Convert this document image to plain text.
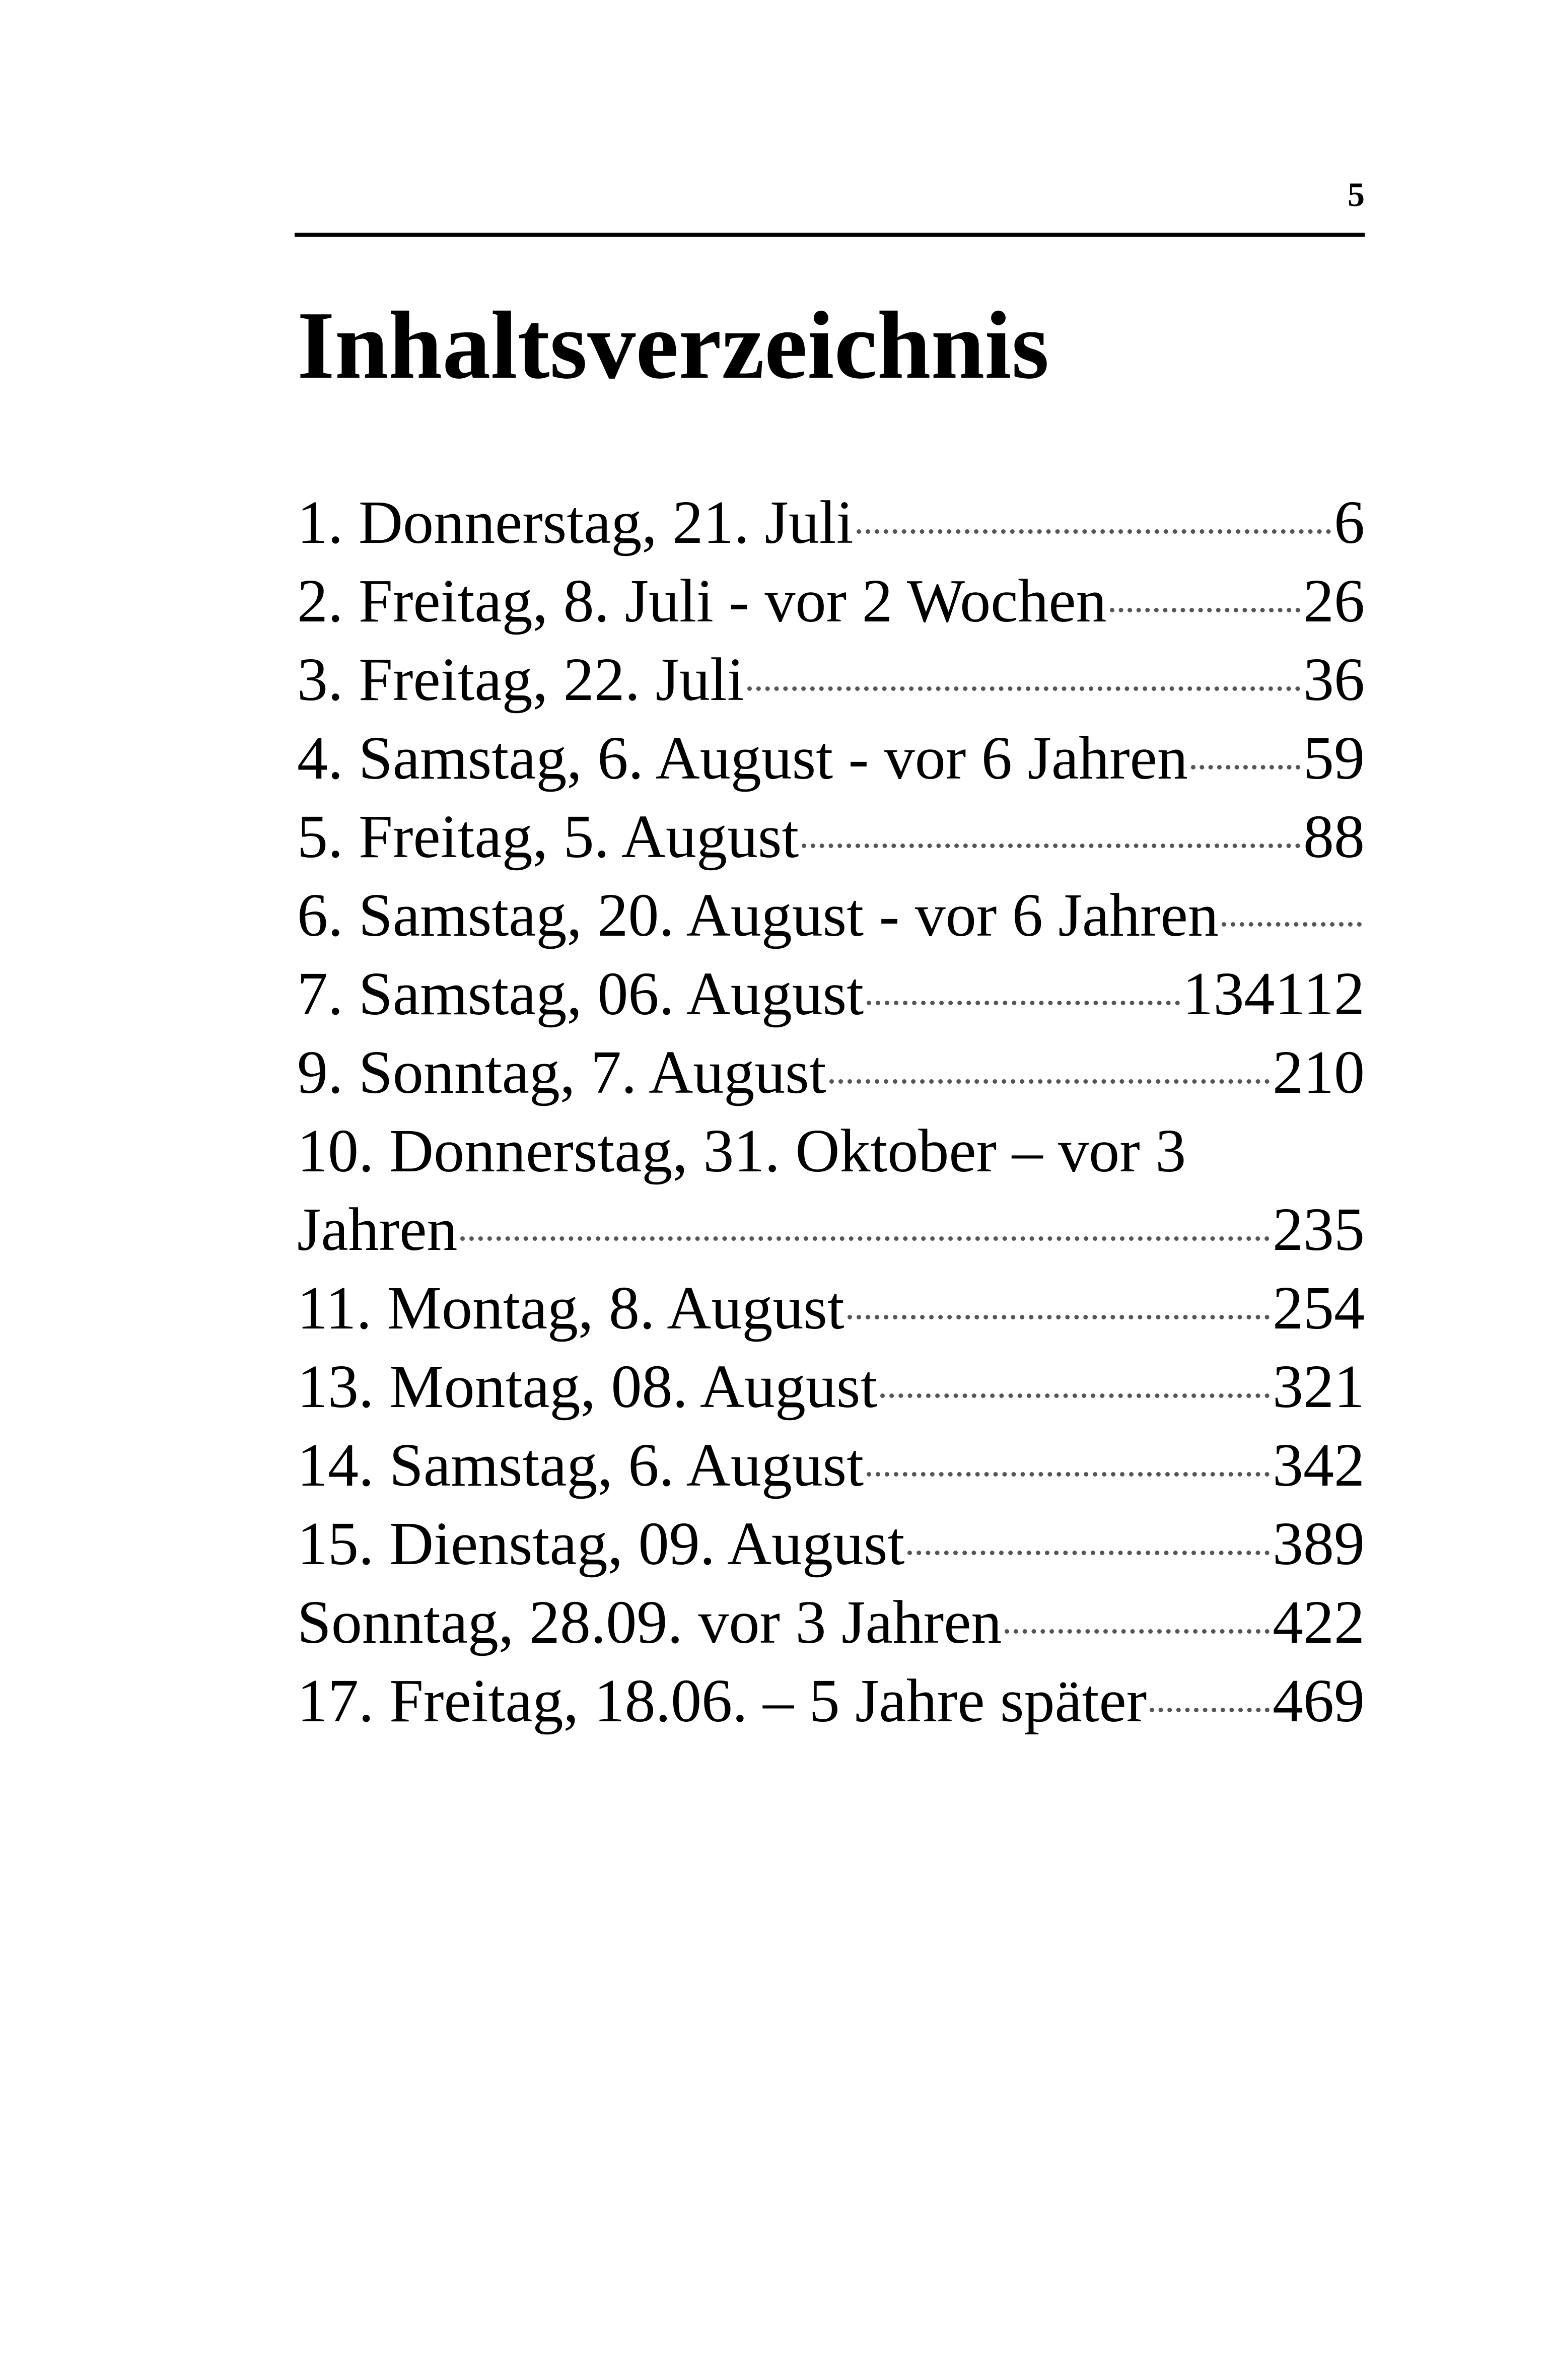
5
Inhaltsverzeichnis
1. Donnerstag, 21. Juli	6
2. Freitag, 8. Juli - vor 2 Wochen	26
3. Freitag, 22. Juli	36
4. Samstag, 6. August - vor 6 Jahren 59
5. Freitag, 5. August	88
6. Samstag, 20. August - vor 6 Jahren
7. Samstag, 06. August	134112
9. Sonntag, 7. August	210
10. Donnerstag, 31. Oktober – vor 3
Jahren	235
11. Montag, 8. August	254
13. Montag, 08. August	321
14. Samstag, 6. August	342
15. Dienstag, 09. August	389
Sonntag, 28.09. vor 3 Jahren	422
17. Freitag, 18.06. – 5 Jahre später 469
